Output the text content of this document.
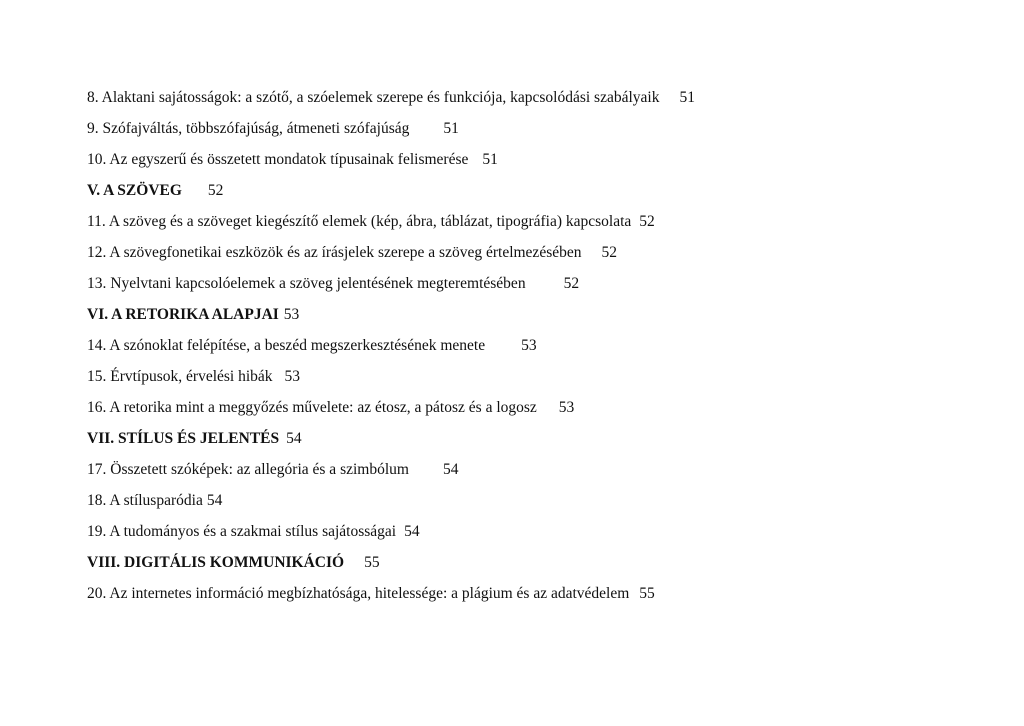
8. Alaktani sajátosságok: a szótő, a szóelemek szerepe és funkciója, kapcsolódási szabályaik 51
9. Szófajváltás, többszófajúság, átmeneti szófajúság 51
10. Az egyszerű és összetett mondatok típusainak felismerése 51
V. A SZÖVEG 52
11. A szöveg és a szöveget kiegészítő elemek (kép, ábra, táblázat, tipográfia) kapcsolata 52
12. A szövegfonetikai eszközök és az írásjelek szerepe a szöveg értelmezésében 52
13. Nyelvtani kapcsolóelemek a szöveg jelentésének megteremtésében 52
VI. A RETORIKA ALAPJAI 53
14. A szónoklat felépítése, a beszéd megszerkesztésének menete 53
15. Érvtípusok, érvelési hibák 53
16. A retorika mint a meggyőzés művelete: az étosz, a pátosz és a logosz 53
VII. STÍLUS ÉS JELENTÉS 54
17. Összetett szóképek: az allegória és a szimbólum 54
18. A stílusparódia 54
19. A tudományos és a szakmai stílus sajátosságai 54
VIII. DIGITÁLIS KOMMUNIKÁCIÓ 55
20. Az internetes információ megbízhatósága, hitelessége: a plágium és az adatvédelem 55
